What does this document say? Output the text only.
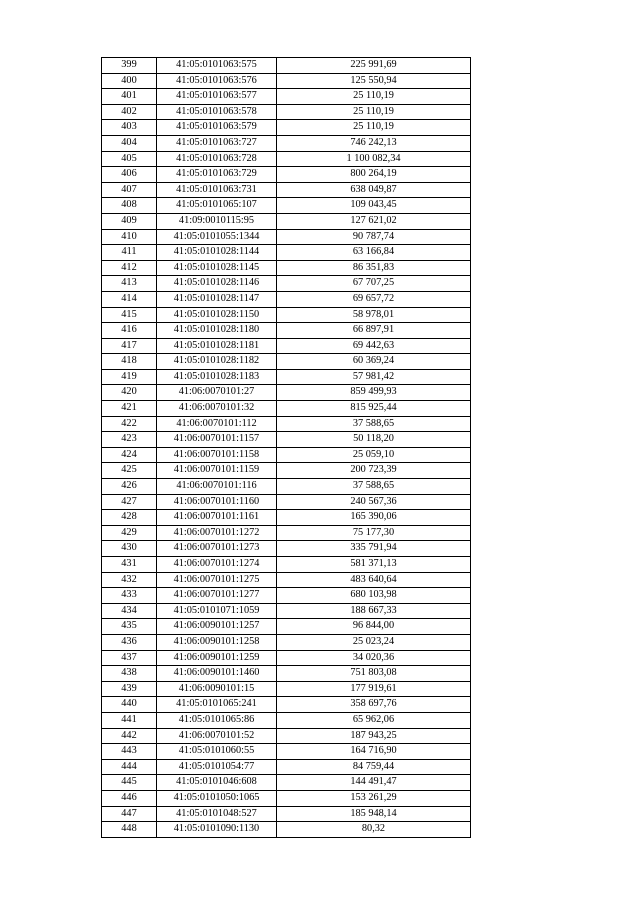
399	41:05:0101063:575	225 991,69
400	41:05:0101063:576	125 550,94
401	41:05:0101063:577	25 110,19
402	41:05:0101063:578	25 110,19
403	41:05:0101063:579	25 110,19
404	41:05:0101063:727	746 242,13
405	41:05:0101063:728	1 100 082,34
406	41:05:0101063:729	800 264,19
407	41:05:0101063:731	638 049,87
408	41:05:0101065:107	109 043,45
409	41:09:0010115:95	127 621,02
410	41:05:0101055:1344	90 787,74
411	41:05:0101028:1144	63 166,84
412	41:05:0101028:1145	86 351,83
413	41:05:0101028:1146	67 707,25
414	41:05:0101028:1147	69 657,72
415	41:05:0101028:1150	58 978,01
416	41:05:0101028:1180	66 897,91
417	41:05:0101028:1181	69 442,63
418	41:05:0101028:1182	60 369,24
419	41:05:0101028:1183	57 981,42
420	41:06:0070101:27	859 499,93
421	41:06:0070101:32	815 925,44
422	41:06:0070101:112	37 588,65
423	41:06:0070101:1157	50 118,20
424	41:06:0070101:1158	25 059,10
425	41:06:0070101:1159	200 723,39
426	41:06:0070101:116	37 588,65
427	41:06:0070101:1160	240 567,36
428	41:06:0070101:1161	165 390,06
429	41:06:0070101:1272	75 177,30
430	41:06:0070101:1273	335 791,94
431	41:06:0070101:1274	581 371,13
432	41:06:0070101:1275	483 640,64
433	41:06:0070101:1277	680 103,98
434	41:05:0101071:1059	188 667,33
435	41:06:0090101:1257	96 844,00
436	41:06:0090101:1258	25 023,24
437	41:06:0090101:1259	34 020,36
438	41:06:0090101:1460	751 803,08
439	41:06:0090101:15	177 919,61
440	41:05:0101065:241	358 697,76
441	41:05:0101065:86	65 962,06
442	41:06:0070101:52	187 943,25
443	41:05:0101060:55	164 716,90
444	41:05:0101054:77	84 759,44
445	41:05:0101046:608	144 491,47
446	41:05:0101050:1065	153 261,29
447	41:05:0101048:527	185 948,14
448	41:05:0101090:1130	80,32
